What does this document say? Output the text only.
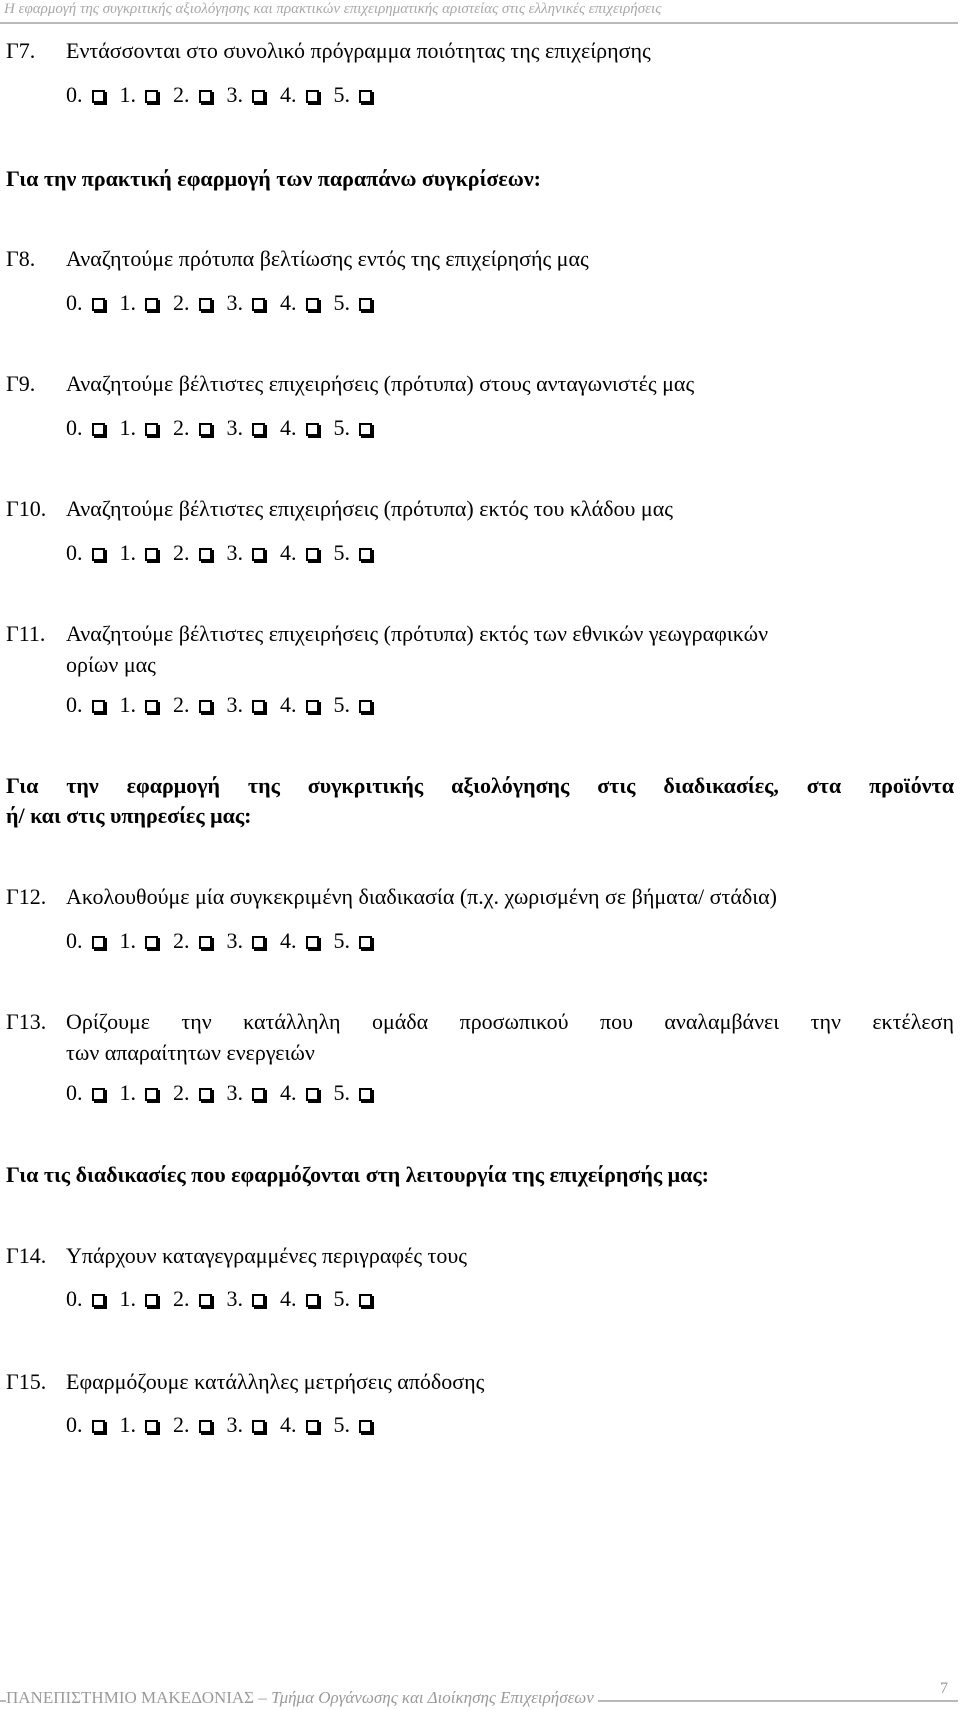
Η εφαρμογή της συγκριτικής αξιολόγησης και πρακτικών επιχειρηματικής αριστείας στις ελληνικές επιχειρήσεις
Γ7. Εντάσσονται στο συνολικό πρόγραμμα ποιότητας της επιχείρησης
0. 1. 2. 3. 4. 5.
Για την πρακτική εφαρμογή των παραπάνω συγκρίσεων:
Γ8. Αναζητούμε πρότυπα βελτίωσης εντός της επιχείρησής μας
0. 1. 2. 3. 4. 5.
Γ9. Αναζητούμε βέλτιστες επιχειρήσεις (πρότυπα) στους ανταγωνιστές μας
0. 1. 2. 3. 4. 5.
Γ10. Αναζητούμε βέλτιστες επιχειρήσεις (πρότυπα) εκτός του κλάδου μας
0. 1. 2. 3. 4. 5.
Γ11. Αναζητούμε βέλτιστες επιχειρήσεις (πρότυπα) εκτός των εθνικών γεωγραφικών
ορίων μας
0. 1. 2. 3. 4. 5.
Για την εφαρμογή της συγκριτικής αξιολόγησης στις διαδικασίες, στα προϊόντα
ή/ και στις υπηρεσίες μας:
Γ12. Ακολουθούμε μία συγκεκριμένη διαδικασία (π.χ. χωρισμένη σε βήματα/ στάδια)
0. 1. 2. 3. 4. 5.
Γ13. Ορίζουμε την κατάλληλη ομάδα προσωπικού που αναλαμβάνει την εκτέλεση
των απαραίτητων ενεργειών
0. 1. 2. 3. 4. 5.
Για τις διαδικασίες που εφαρμόζονται στη λειτουργία της επιχείρησής μας:
Γ14. Υπάρχουν καταγεγραμμένες περιγραφές τους
0. 1. 2. 3. 4. 5.
Γ15. Εφαρμόζουμε κατάλληλες μετρήσεις απόδοσης
0. 1. 2. 3. 4. 5.
ΠΑΝΕΠΙΣΤΗΜΙΟ ΜΑΚΕΔΟΝΙΑΣ – Τμήμα Οργάνωσης και Διοίκησης Επιχειρήσεων	7
